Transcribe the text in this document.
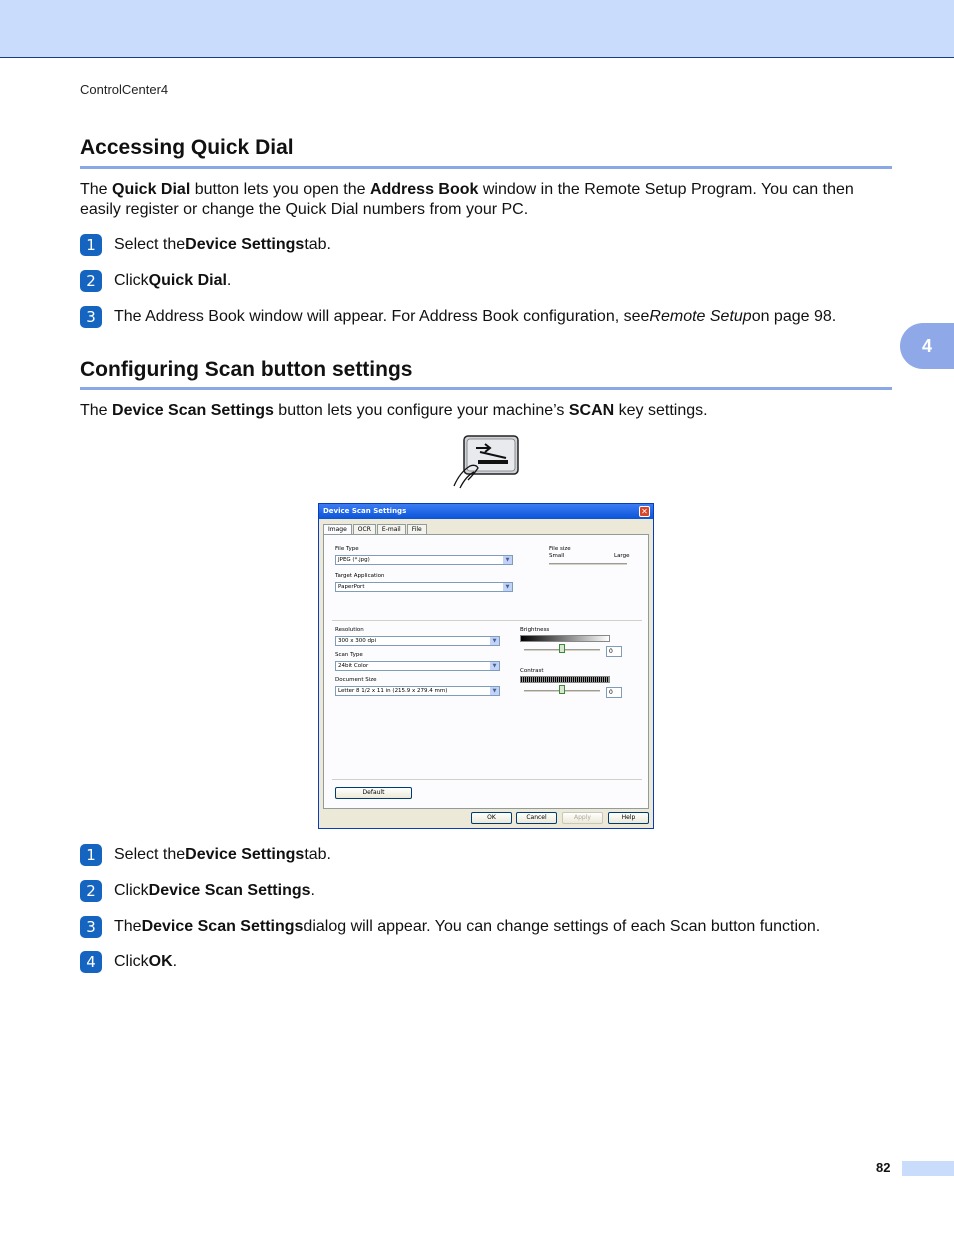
ControlCenter4
4
Accessing Quick Dial
The Quick Dial button lets you open the Address Book window in the Remote Setup Program. You can then easily register or change the Quick Dial numbers from your PC.
1	Select the Device Settings tab.
2	Click Quick Dial .
3	The Address Book window will appear. For Address Book configuration, see Remote Setup on page 98.
Configuring Scan button settings
The Device Scan Settings button lets you configure your machine’s SCAN key settings.
Device Scan Settings	✕
Image	OCR	E-mail	File
File Type
JPEG (*.jpg)	▼
File size
Small	Large
Target Application
PaperPort	▼
Resolution
300 x 300 dpi	▼
Scan Type
24bit Color	▼
Document Size
Letter 8 1/2 x 11 in (215.9 x 279.4 mm)	▼
Brightness
0
Contrast
0
Default
OK	Cancel	Apply	Help
1	Select the Device Settings tab.
2	Click Device Scan Settings .
3	The Device Scan Settings dialog will appear. You can change settings of each Scan button function.
4	Click OK .
82
